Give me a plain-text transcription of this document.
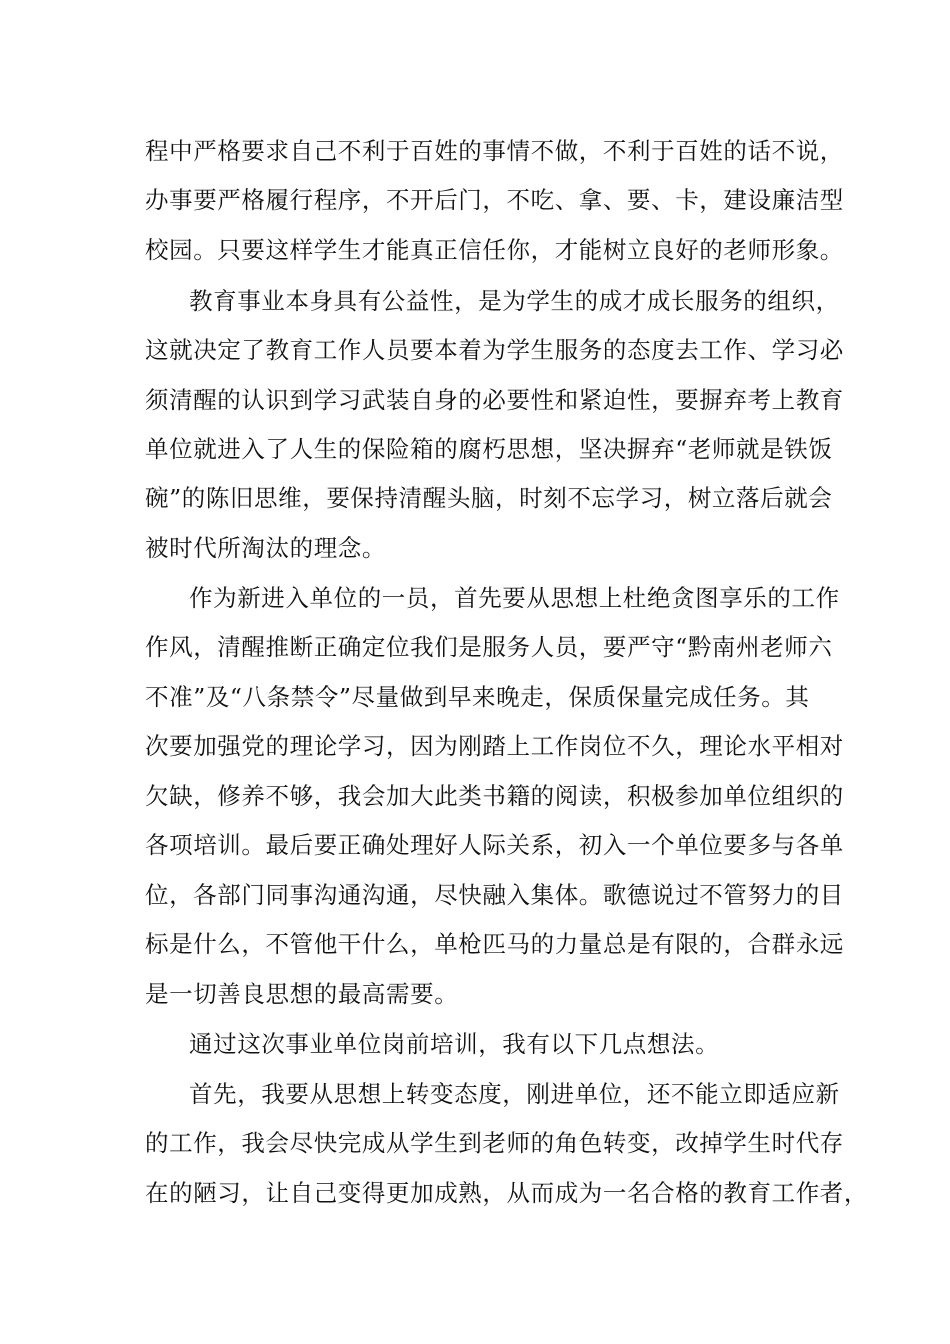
程中严格要求自己不利于百姓的事情不做，不利于百姓的话不说，
办事要严格履行程序，不开后门，不吃、拿、要、卡，建设廉洁型
校园。只要这样学生才能真正信任你，才能树立良好的老师形象。
教育事业本身具有公益性，是为学生的成才成长服务的组织，
这就决定了教育工作人员要本着为学生服务的态度去工作、学习必
须清醒的认识到学习武装自身的必要性和紧迫性，要摒弃考上教育
单位就进入了人生的保险箱的腐朽思想，坚决摒弃“老师就是铁饭
碗”的陈旧思维，要保持清醒头脑，时刻不忘学习，树立落后就会
被时代所淘汰的理念。
作为新进入单位的一员，首先要从思想上杜绝贪图享乐的工作
作风，清醒推断正确定位我们是服务人员，要严守“黔南州老师六
不准”及“八条禁令”尽量做到早来晚走，保质保量完成任务。其
次要加强党的理论学习，因为刚踏上工作岗位不久，理论水平相对
欠缺，修养不够，我会加大此类书籍的阅读，积极参加单位组织的
各项培训。最后要正确处理好人际关系，初入一个单位要多与各单
位，各部门同事沟通沟通，尽快融入集体。歌德说过不管努力的目
标是什么，不管他干什么，单枪匹马的力量总是有限的，合群永远
是一切善良思想的最高需要。
通过这次事业单位岗前培训，我有以下几点想法。
首先，我要从思想上转变态度，刚进单位，还不能立即适应新
的工作，我会尽快完成从学生到老师的角色转变，改掉学生时代存
在的陋习，让自己变得更加成熟，从而成为一名合格的教育工作者，
